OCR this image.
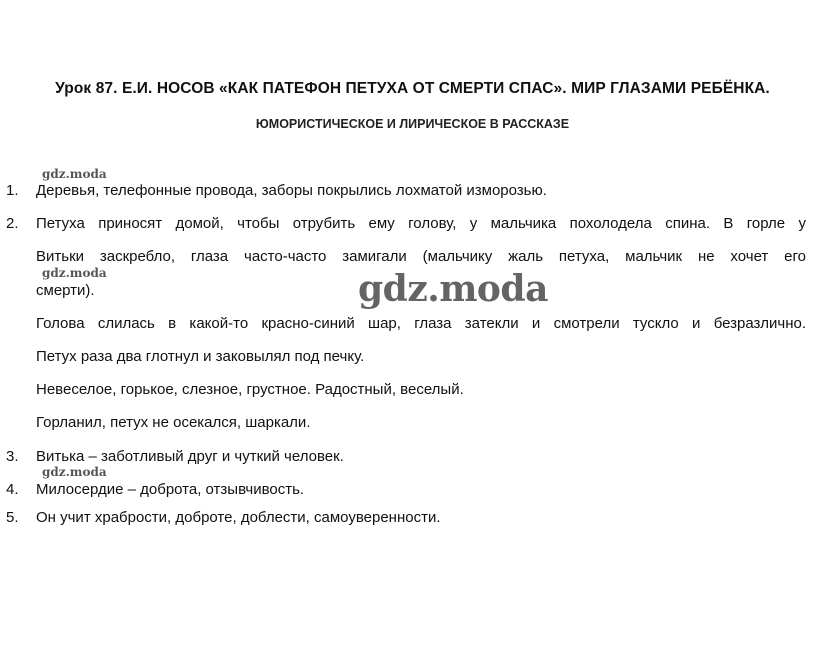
Урок 87. Е.И. НОСОВ «КАК ПАТЕФОН ПЕТУХА ОТ СМЕРТИ СПАС». МИР ГЛАЗАМИ РЕБЁНКА.
ЮМОРИСТИЧЕСКОЕ И ЛИРИЧЕСКОЕ В РАССКАЗЕ
gdz.moda
gdz.moda
gdz.moda
gdz.moda
1. Деревья, телефонные провода, заборы покрылись лохматой изморозью.
2. Петуха приносят домой, чтобы отрубить ему голову, у мальчика похолодела спина. В горле у
Витьки заскребло, глаза часто-часто замигали (мальчику жаль петуха, мальчик не хочет его
смерти).
Голова слилась в какой-то красно-синий шар, глаза затекли и смотрели тускло и безразлично.
Петух раза два глотнул и заковылял под печку.
Невеселое, горькое, слезное, грустное. Радостный, веселый.
Горланил, петух не осекался, шаркали.
3. Витька – заботливый друг и чуткий человек.
4. Милосердие – доброта, отзывчивость.
5. Он учит храбрости, доброте, доблести, самоуверенности.
